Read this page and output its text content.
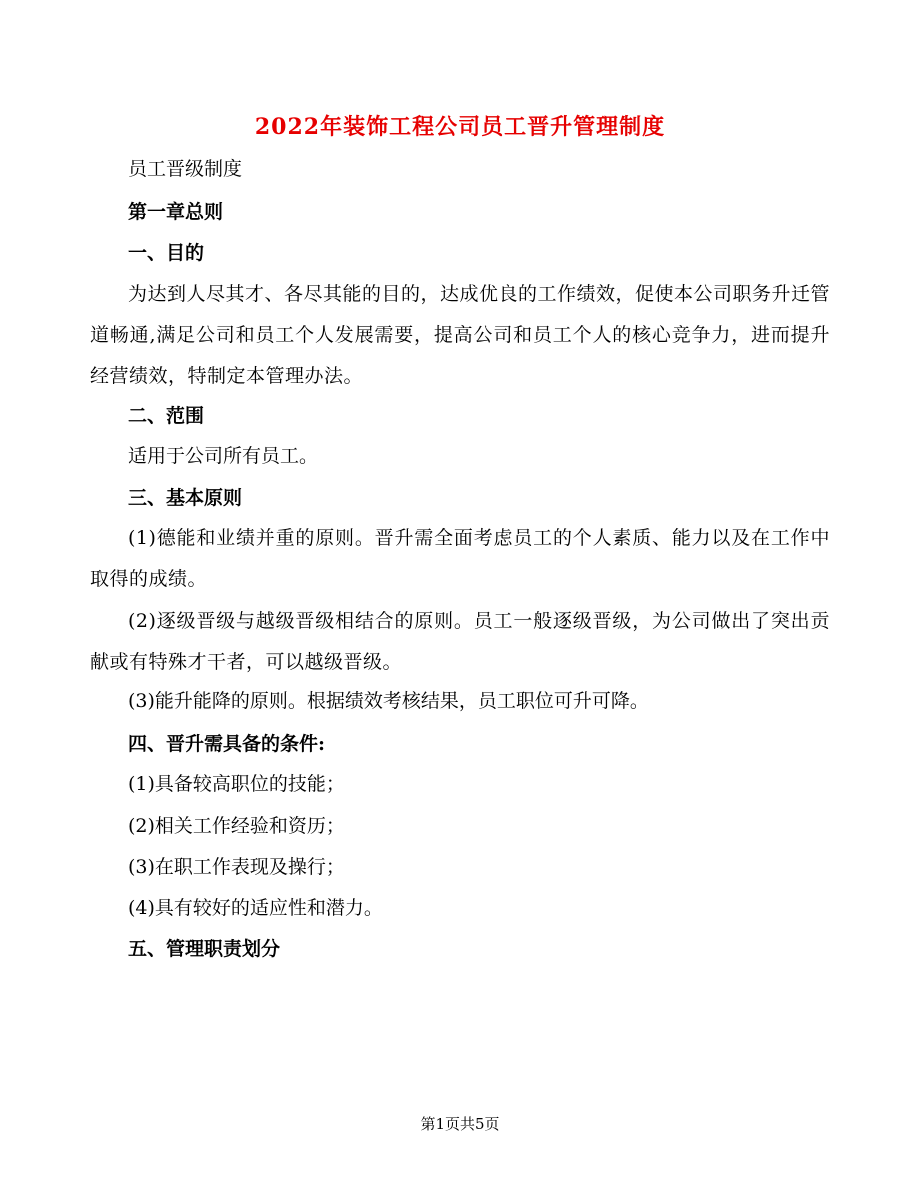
2022年装饰工程公司员工晋升管理制度

员工晋级制度

第一章总则

一、目的

为达到人尽其才、各尽其能的目的，达成优良的工作绩效，促使本公司职务升迁管道畅通,满足公司和员工个人发展需要，提高公司和员工个人的核心竞争力，进而提升经营绩效，特制定本管理办法。

二、范围

适用于公司所有员工。

三、基本原则

(1)德能和业绩并重的原则。晋升需全面考虑员工的个人素质、能力以及在工作中取得的成绩。

(2)逐级晋级与越级晋级相结合的原则。员工一般逐级晋级，为公司做出了突出贡献或有特殊才干者，可以越级晋级。

(3)能升能降的原则。根据绩效考核结果，员工职位可升可降。

四、晋升需具备的条件:

(1)具备较高职位的技能；

(2)相关工作经验和资历；

(3)在职工作表现及操行；

(4)具有较好的适应性和潜力。

五、管理职责划分

第1页共5页
